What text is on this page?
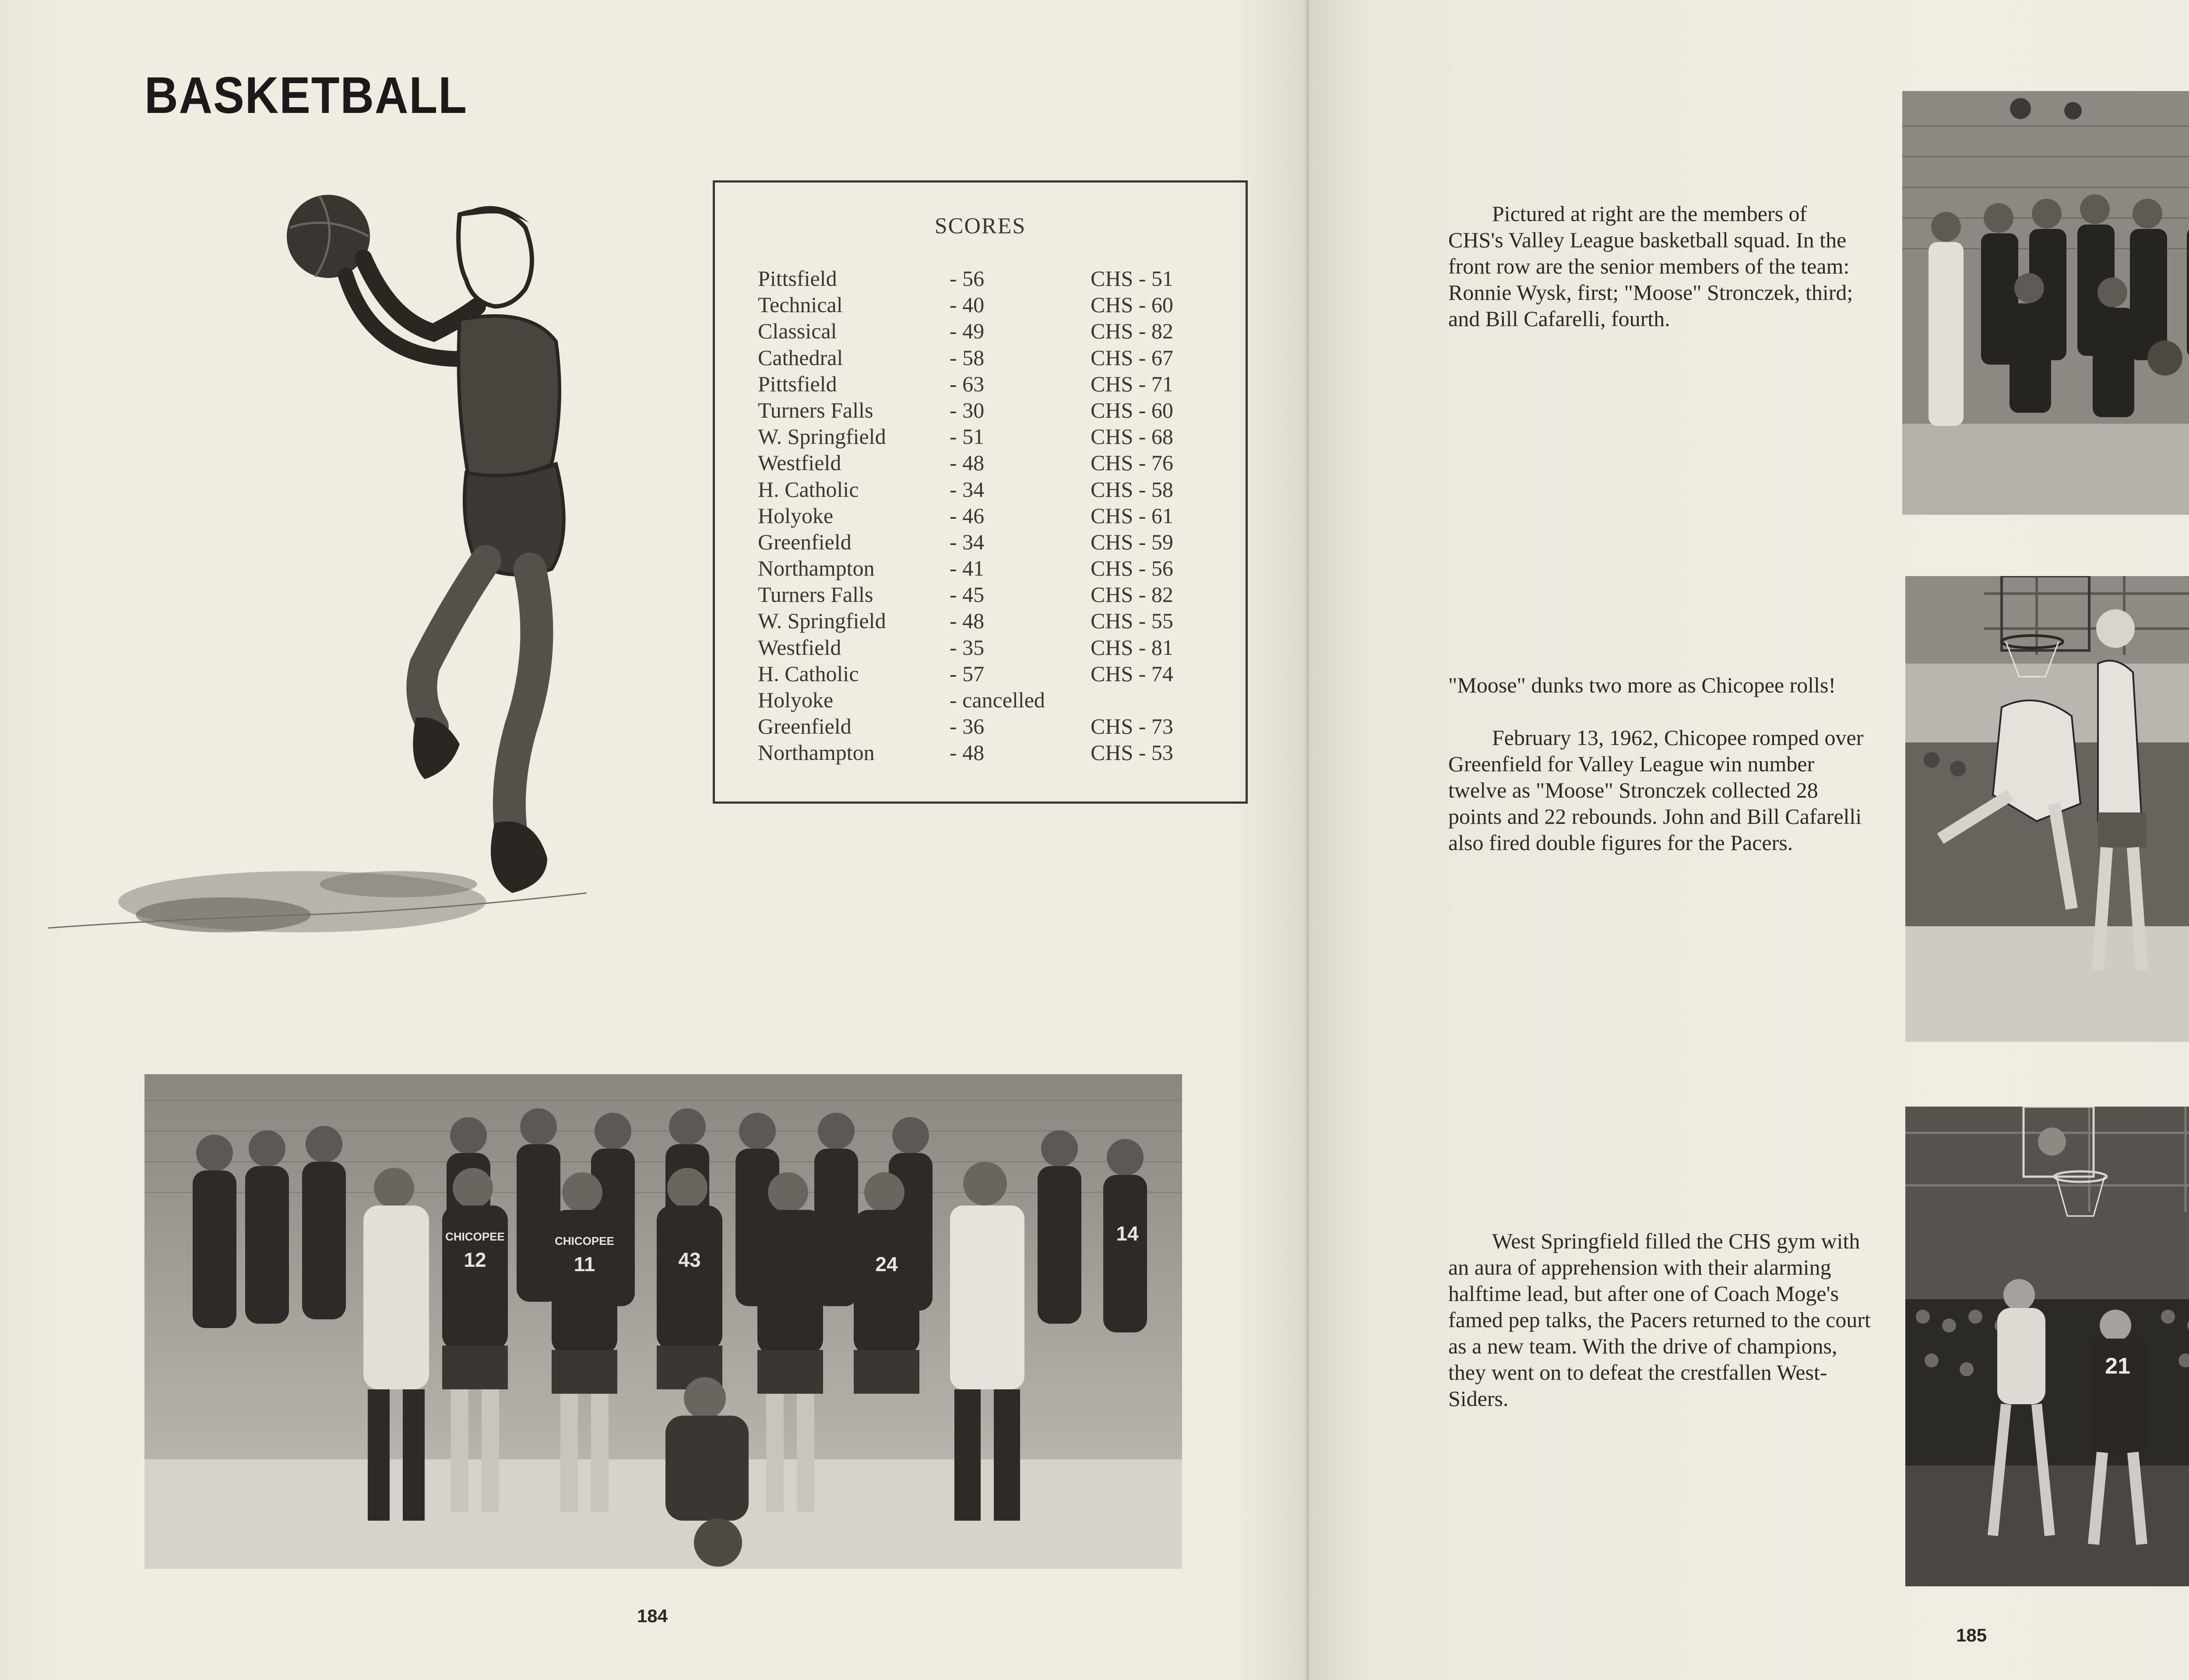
BASKETBALL
SCORES
Pittsfield	- 56	CHS - 51
Technical	- 40	CHS - 60
Classical	- 49	CHS - 82
Cathedral	- 58	CHS - 67
Pittsfield	- 63	CHS - 71
Turners Falls	- 30	CHS - 60
W. Springfield	- 51	CHS - 68
Westfield	- 48	CHS - 76
H. Catholic	- 34	CHS - 58
Holyoke	- 46	CHS - 61
Greenfield	- 34	CHS - 59
Northampton	- 41	CHS - 56
Turners Falls	- 45	CHS - 82
W. Springfield	- 48	CHS - 55
Westfield	- 35	CHS - 81
H. Catholic	- 57	CHS - 74
Holyoke	- cancelled
Greenfield	- 36	CHS - 73
Northampton	- 48	CHS - 53
12	11	43	24
14
CHICOPEE	CHICOPEE
184

Pictured at right are the members of CHS's Valley League basketball squad. In the front row are the senior members of the team: Ronnie Wysk, first; "Moose" Stronczek, third; and Bill Cafarelli, fourth.

"Moose" dunks two more as Chicopee rolls!

February 13, 1962, Chicopee romped over Greenfield for Valley League win number twelve as "Moose" Stronczek collected 28 points and 22 rebounds. John and Bill Cafarelli also fired double figures for the Pacers.

West Springfield filled the CHS gym with an aura of apprehension with their alarming halftime lead, but after one of Coach Moge's famed pep talks, the Pacers returned to the court as a new team. With the drive of champions, they went on to defeat the crestfallen West-Siders.

21
185
